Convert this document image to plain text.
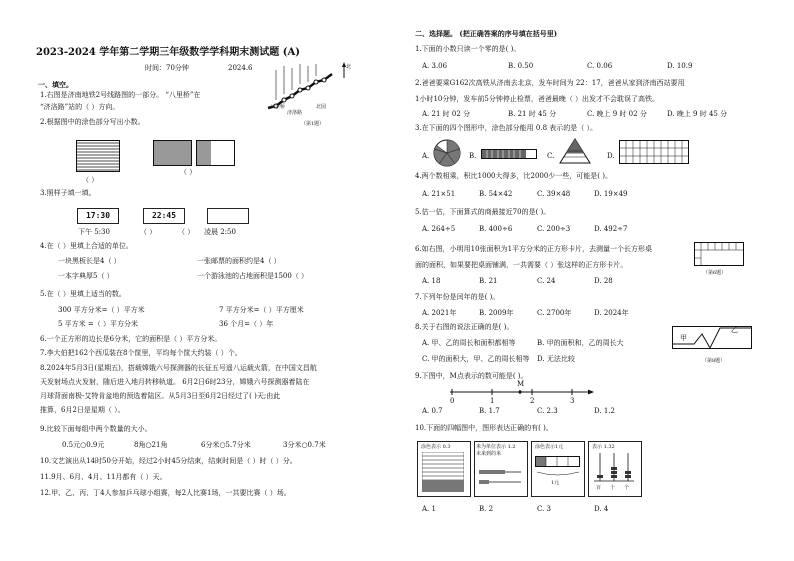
2023-2024 学年第二学期三年级数学学科期末测试题 (A)
时间：70分钟	2024.6
一、填空。
1.右图是济南地铁2号线路图的一部分。 “八里桥”在
“济洛路”站的（ ）方向。
北
八里桥
济洛路
北园
（第1题）
2.根据图中的涂色部分写出小数。
（ ）
（ ）
3.照样子填一填。
17:30	22:45
下午 5:30	（ ）	（ ） 凌晨 2:50
4.在（ ）里填上合适的单位。
一块黑板长是4（ ）	一张邮票的面积约是4（ ）
一本字典厚5（ ）	一个游泳池的占地面积是1500（ ）
5.在（ ）里填上适当的数。
300 平方分米=（ ）平方米	7 平方分米=（ ）平方厘米
5 平方米 =（ ）平方分米	36 个月=（ ）年
6.一个正方形的边长是6分米，它的面积是（ ）平方分米。
7.李大伯把162个西瓜装在8个筐里，平均每个筐大约装（ ）个。
8.2024年5月3日(星期五)，搭载嫦娥六号探测器的长征五号遥八运载火箭，在中国文昌航
天发射场点火发射，随后进入地月转移轨道。 6月2日6时23分，嫦娥六号探测器着陆在
月球背面南极-艾特肯盆地的预选着陆区。从5月3日至6月2日经过了( )天;由此
推算，6月2日是星期（ ）。
9.比较下面每组中两个数量的大小。
0.5元○0.9元	8角○21角	6分米○5.7分米	3分米○0.7米
10.文艺演出从14时50分开始，经过2小时45分结束，结束时间是（ ）时（ ）分。
11.9月、6月、4月、11月都有（ ）天。
12.甲、乙、丙、丁4人参加乒乓球小组赛，每2人比赛1场，一共要比赛（ ）场。
二、选择题。 (把正确答案的序号填在括号里)
1.下面的小数只读一个零的是( )。
A. 3.06	B. 0.50	C. 0.06	D. 10.9
2.爸爸要乘G162次高铁从济南去北京，发车时间为 22：17，爸爸从家到济南西站要用
1小时10分钟，发车前5分钟停止检票，爸爸最晚（ ）出发才不会耽误了高铁。
A. 21 时 02 分	B. 21 时 45 分	C. 晚上 9 时 02 分	D. 晚上 9 时 45 分
3.在下面的四个图形中，涂色部分能用 0.8 表示的是（ ）。
A.	B.	C.	D.
4.两个数相乘，积比1000大得多，比2000少一些，可能是( )。
A. 21×51	B. 54×42	C. 39×48	D. 19×49
5.估一估，下面算式的商最接近70的是( )。
A. 264÷5	B. 400÷6	C. 200÷3	D. 492÷7
6.如右图，小明用10张面积为1平方分米的正方形卡片，去测量一个长方形桌
面的面积，如果要把桌面铺满，一共需要（ ）张这样的正方形卡片。
（第6题）
A. 18	B. 21	C. 24	D. 28
7.下列年份是闰年的是( )。
A. 2021年	B. 2009年	C. 2700年	D. 2024年
8.关于右图的说法正确的是( )。
A. 甲、乙的周长和面积都相等	B. 甲的面积和，乙的周长大
C. 甲的面积大，甲、乙的周长相等 D. 无法比较
甲
乙
（第8题）
9.下图中，M点表示的数可能是( )。
0	1	2	3
M
A. 0.7	B. 1.7	C. 2.3	D. 1.2
10.下面的四幅图中，图形表达正确的有( )。
涂色表示 0.3	米为单位表示 1.2
未来到的米
涂色表示1元
1元
表示 1.32
百 十 个
A. 1	B. 2	C. 3	D. 4
